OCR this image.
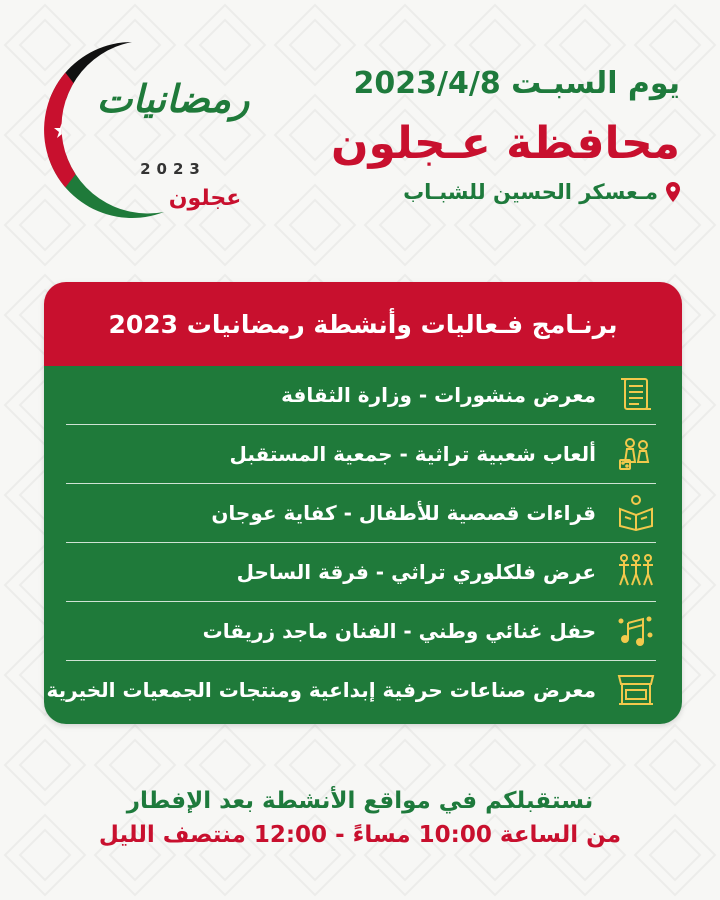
رمضانيات
2023
عجلون
يوم السبـت 2023/4/8
محافظة عـجلون
مـعسكر الحسين للشبـاب
برنـامج فـعاليات وأنشطة رمضانيات 2023
معرض منشورات - وزارة الثقافة
ألعاب شعبية تراثية - جمعية المستقبل
قراءات قصصية للأطفال - كفاية عوجان
عرض فلكلوري تراثي - فرقة الساحل
حفل غنائي وطني - الفنان ماجد زريقات
معرض صناعات حرفية إبداعية ومنتجات الجمعيات الخيرية
نستقبلكم في مواقع الأنشطة بعد الإفطار
من الساعة 10:00 مساءً - 12:00 منتصف الليل
